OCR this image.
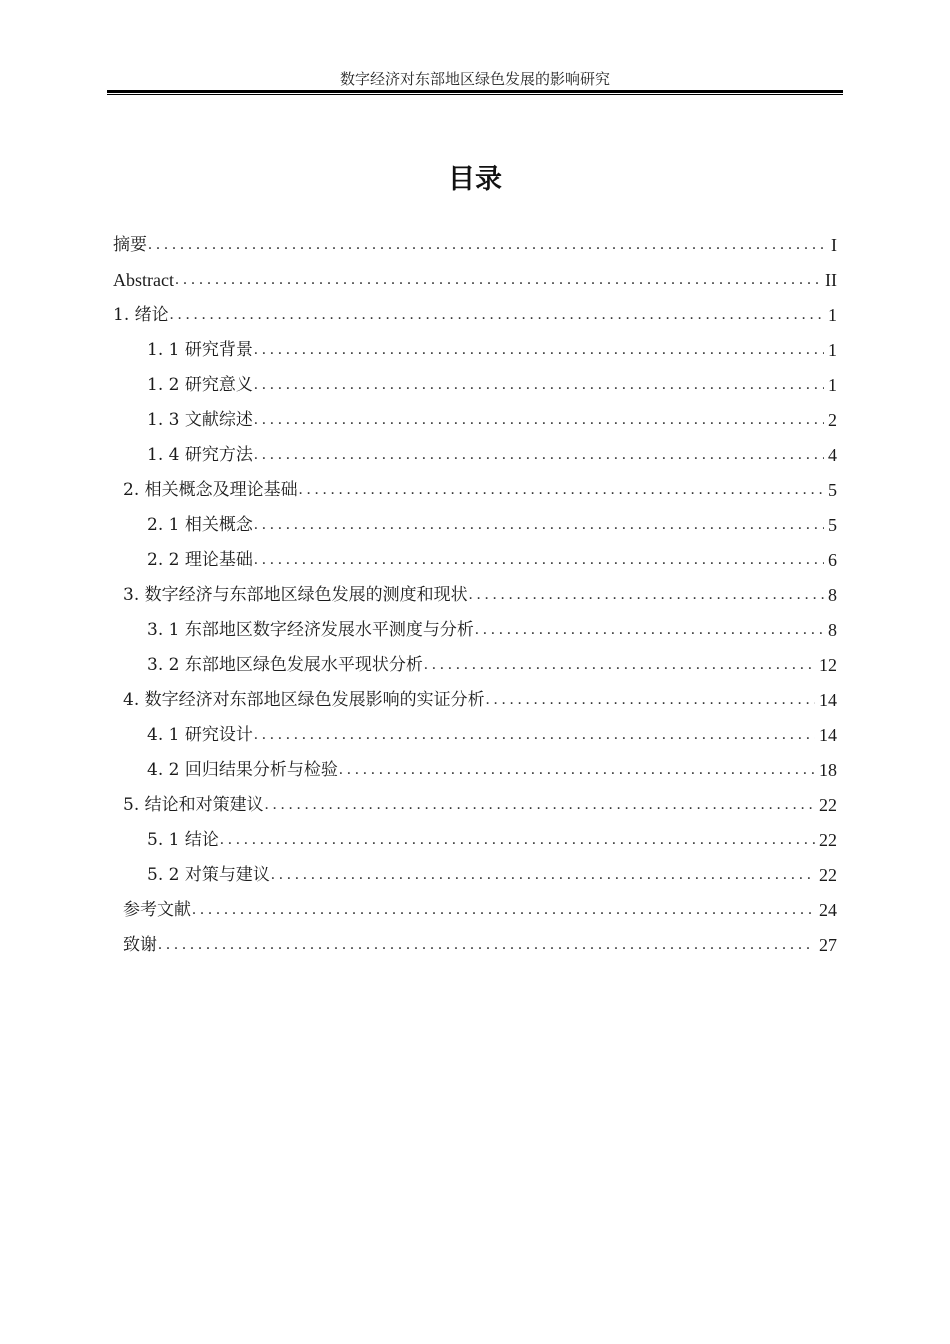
数字经济对东部地区绿色发展的影响研究
目录
摘要 . . .	I
Abstract . . .	II
1. 绪论 . . .	1
1. 1 研究背景 . . .	1
1. 2 研究意义 . . .	1
1. 3 文献综述 . . .	2
1. 4 研究方法 . . .	4
2. 相关概念及理论基础 . . .	5
2. 1 相关概念 . . .	5
2. 2 理论基础 . . .	6
3. 数字经济与东部地区绿色发展的测度和现状 . . .	8
3. 1 东部地区数字经济发展水平测度与分析 . . .	8
3. 2 东部地区绿色发展水平现状分析 . . .	12
4. 数字经济对东部地区绿色发展影响的实证分析 . . .	14
4. 1 研究设计 . . .	14
4. 2 回归结果分析与检验 . . .	18
5. 结论和对策建议 . . .	22
5. 1 结论 . . .	22
5. 2 对策与建议 . . .	22
参考文献 . . .	24
致谢 . . .	27
